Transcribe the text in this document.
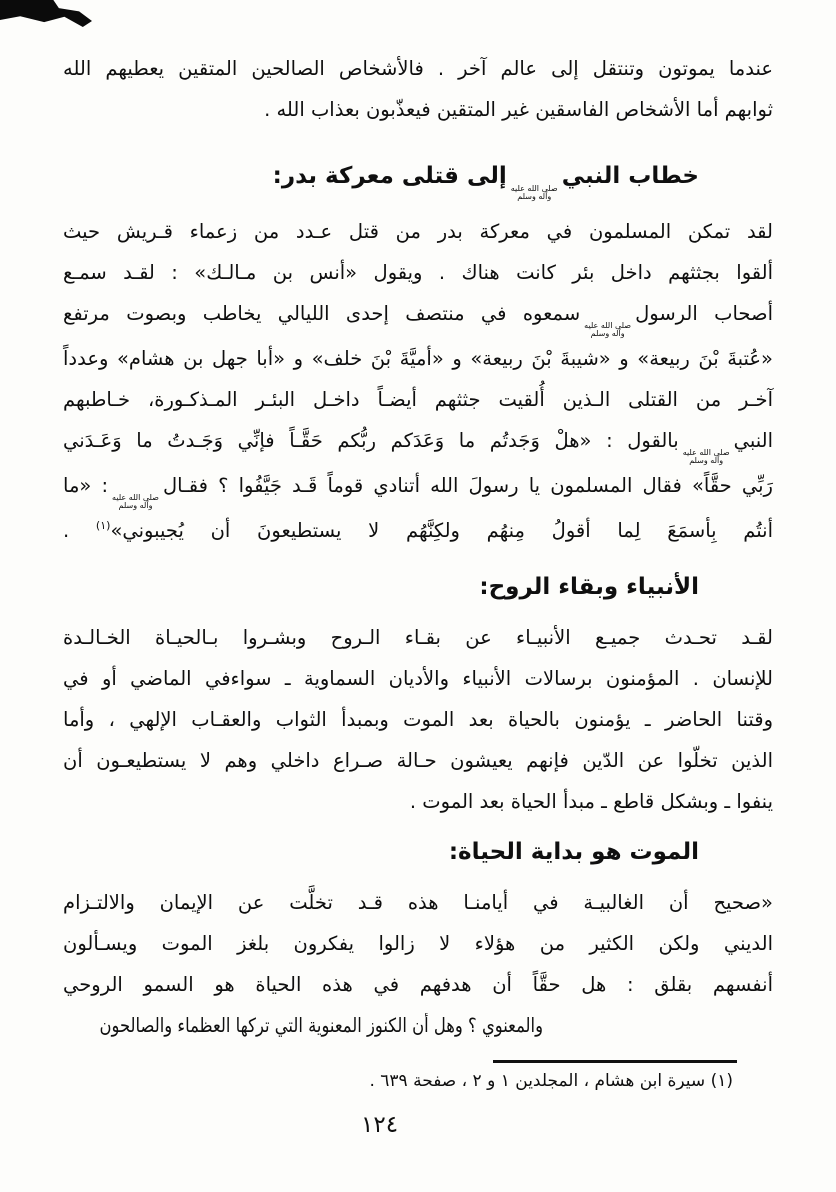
عندما يموتون وتنتقل إلى عالم آخر . فالأشخاص الصالحين المتقين يعطيهم الله
ثوابهم أما الأشخاص الفاسقين غير المتقين فيعذّبون بعذاب الله .
خطاب النبي
صلى الله عليه
وآله وسلم
إلى قتلى معركة بدر:
لقد تمكن المسلمون في معركة بدر من قتل عـدد من زعماء قـريش حيث
ألقوا بجثثهم داخل بئر كانت هناك . ويقول «أنس بن مـالـك» : لقـد سمـع
أصحاب الرسول
صلى الله عليه
وآله وسلم
سمعوه في منتصف إحدى الليالي يخاطب وبصوت مرتفع
«عُتبةَ بْنَ ربيعة» و «شيبةَ بْنَ ربيعة» و «أميَّةَ بْنَ خلف» و «أبا جهل بن هشام» وعدداً
آخـر من القتلى الـذين أُلقيت جثثهم أيضـاً داخـل البئـر المـذكـورة، خـاطبهم
النبي
صلى الله عليه
وآله وسلم
بالقول : «هلْ وَجَدتُم ما وَعَدَكم ربُّكم حَقَّـاً فإنِّي وَجَـدتُ ما وَعَـدَني
رَبِّي حقَّاً» فقال المسلمون يا رسولَ الله أتنادي قوماً قَـد جَيَّفُوا ؟ فقـال
صلى الله عليه
وآله وسلم
: «ما
أنتُم بِأسمَعَ لِما أقولُ مِنهُم ولكِنَّهُم لا يستطيعونَ أن يُجيبوني»$^{(١)}$ .
الأنبياء وبقاء الروح:
لقـد تحـدث جميـع الأنبيـاء عن بقـاء الـروح وبشـروا بـالحيـاة الخـالـدة
للإنسان . المؤمنون برسالات الأنبياء والأديان السماوية ـ سواءفي الماضي أو في
وقتنا الحاضر ـ يؤمنون بالحياة بعد الموت وبمبدأ الثواب والعقـاب الإلهي ، وأما
الذين تخلّوا عن الدّين فإنهم يعيشون حـالة صـراع داخلي وهم لا يستطيعـون أن
ينفوا ـ وبشكل قاطع ـ مبدأ الحياة بعد الموت .
الموت هو بداية الحياة:
«صحيح أن الغالبيـة في أيامنـا هذه قـد تخلَّت عن الإيمان والالتـزام
الديني ولكن الكثير من هؤلاء لا زالوا يفكرون بلغز الموت ويسـألون
أنفسهم بقلق : هل حقَّاً أن هدفهم في هذه الحياة هو السمو الروحي
والمعنوي ؟ وهل أن الكنوز المعنوية التي تركها العظماء والصالحون
(١) سيرة ابن هشام ، المجلدين ١ و ٢ ، صفحة ٦٣٩ .
١٢٤
